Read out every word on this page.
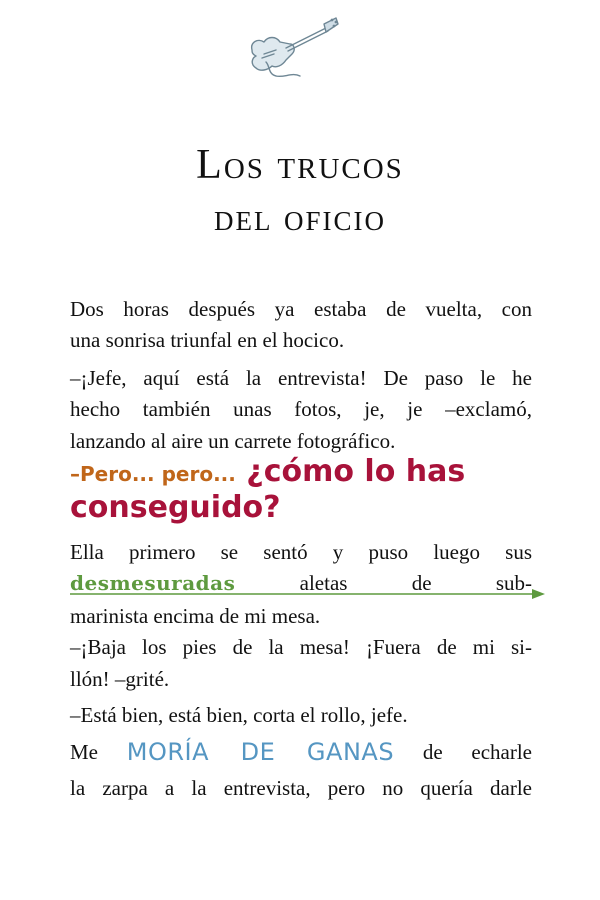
Los trucos
del oficio
Dos horas después ya estaba de vuelta, con
una sonrisa triunfal en el hocico.
–¡Jefe, aquí está la entrevista! De paso le he
hecho también unas fotos, je, je –exclamó,
lanzando al aire un carrete fotográfico.
–Pero... pero... ¿cómo lo has
conseguido?
Ella primero se sentó y puso luego sus
desmesuradas aletas de sub-
marinista encima de mi mesa.
–¡Baja los pies de la mesa! ¡Fuera de mi si-
llón! –grité.
–Está bien, está bien, corta el rollo, jefe.
Me MORÍA DE GANAS de echarle
la zarpa a la entrevista, pero no quería darle
